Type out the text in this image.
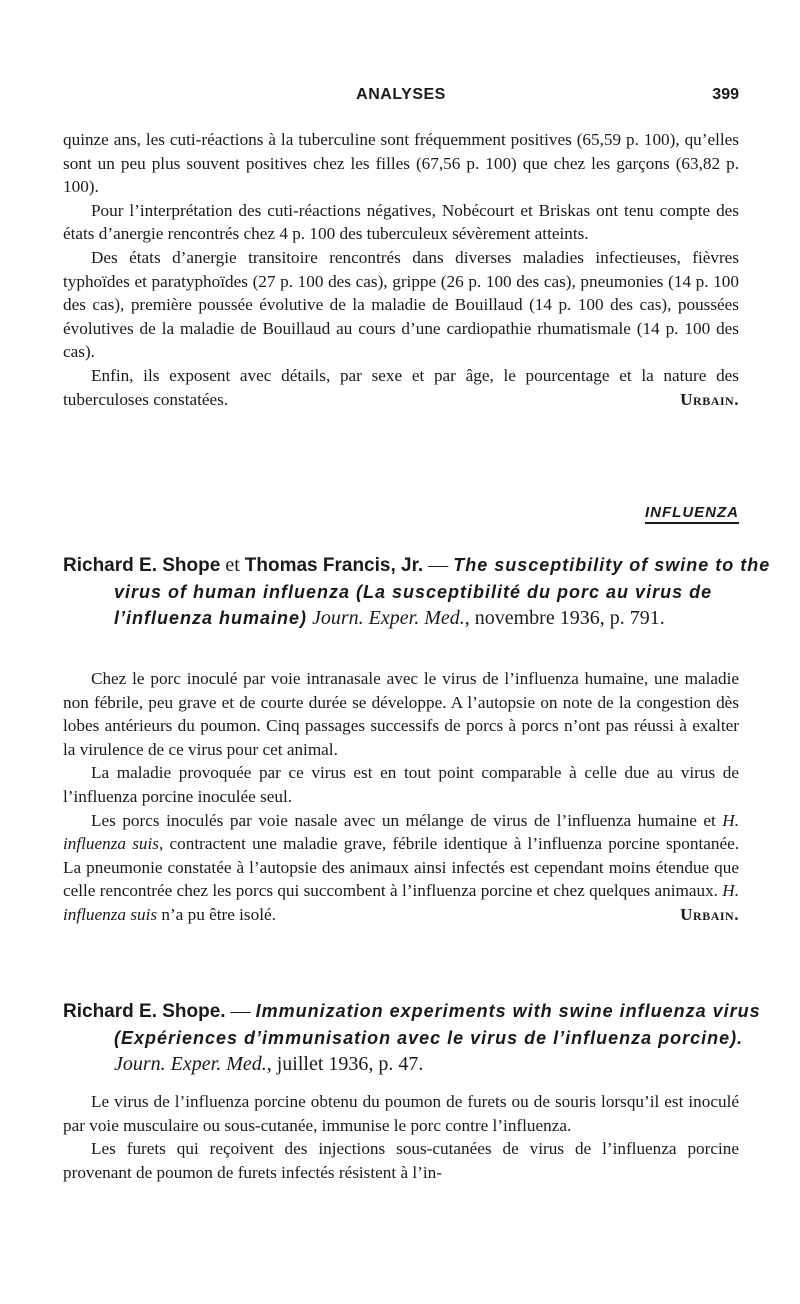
ANALYSES	399

quinze ans, les cuti-réactions à la tuberculine sont fréquemment positives (65,59 p. 100), qu’elles sont un peu plus souvent positives chez les filles (67,56 p. 100) que chez les garçons (63,82 p. 100).

Pour l’interprétation des cuti-réactions négatives, Nobécourt et Briskas ont tenu compte des états d’anergie rencontrés chez 4 p. 100 des tuberculeux sévèrement atteints.

Des états d’anergie transitoire rencontrés dans diverses maladies infectieuses, fièvres typhoïdes et paratyphoïdes (27 p. 100 des cas), grippe (26 p. 100 des cas), pneumonies (14 p. 100 des cas), première poussée évolutive de la maladie de Bouillaud (14 p. 100 des cas), poussées évolutives de la maladie de Bouillaud au cours d’une cardiopathie rhumatismale (14 p. 100 des cas).

Enfin, ils exposent avec détails, par sexe et par âge, le pourcentage et la nature des tuberculoses constatées.	Urbain.

INFLUENZA
Richard E. Shope et Thomas Francis, Jr. — The susceptibility of swine to the virus of human influenza (La susceptibilité du porc au virus de l’influenza humaine) Journ. Exper. Med., novembre 1936, p. 791.

Chez le porc inoculé par voie intranasale avec le virus de l’influenza humaine, une maladie non fébrile, peu grave et de courte durée se développe. A l’autopsie on note de la congestion dès lobes antérieurs du poumon. Cinq passages successifs de porcs à porcs n’ont pas réussi à exalter la virulence de ce virus pour cet animal.

La maladie provoquée par ce virus est en tout point comparable à celle due au virus de l’influenza porcine inoculée seul.

Les porcs inoculés par voie nasale avec un mélange de virus de l’influenza humaine et H. influenza suis, contractent une maladie grave, fébrile identique à l’influenza porcine spontanée. La pneumonie constatée à l’autopsie des animaux ainsi infectés est cependant moins étendue que celle rencontrée chez les porcs qui succombent à l’influenza porcine et chez quelques animaux. H. influenza suis n’a pu être isolé.	Urbain.

Richard E. Shope. — Immunization experiments with swine influenza virus (Expériences d’immunisation avec le virus de l’influenza porcine). Journ. Exper. Med., juillet 1936, p. 47.

Le virus de l’influenza porcine obtenu du poumon de furets ou de souris lorsqu’il est inoculé par voie musculaire ou sous-cutanée, immunise le porc contre l’influenza.

Les furets qui reçoivent des injections sous-cutanées de virus de l’influenza porcine provenant de poumon de furets infectés résistent à l’in-
